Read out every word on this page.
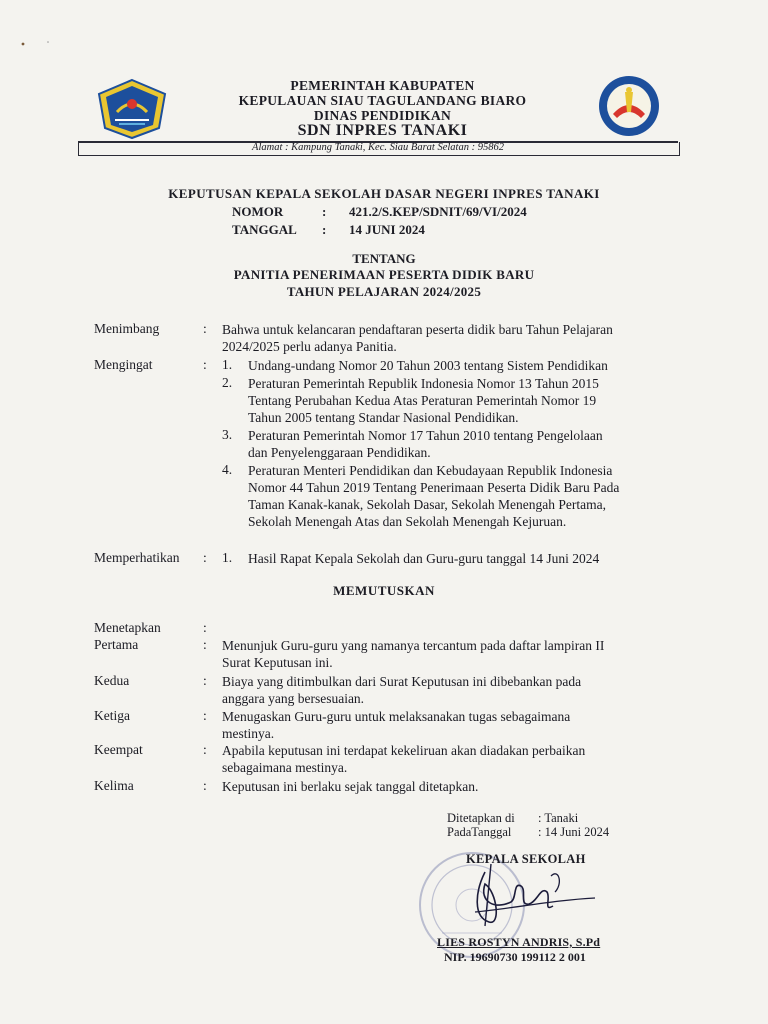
PEMERINTAH KABUPATEN
KEPULAUAN SIAU TAGULANDANG BIARO
DINAS PENDIDIKAN
SDN INPRES TANAKI
Alamat : Kampung Tanaki, Kec. Siau Barat Selatan : 95862
KEPUTUSAN KEPALA SEKOLAH DASAR NEGERI INPRES TANAKI
NOMOR	: 421.2/S.KEP/SDNIT/69/VI/2024
TANGGAL : 14 JUNI 2024
TENTANG
PANITIA PENERIMAAN PESERTA DIDIK BARU
TAHUN PELAJARAN 2024/2025
Menimbang	: Bahwa untuk kelancaran pendaftaran peserta didik baru Tahun Pelajaran
2024/2025 perlu adanya Panitia.
Mengingat	: 1. Undang-undang Nomor 20 Tahun 2003 tentang Sistem Pendidikan
2. Peraturan Pemerintah Republik Indonesia Nomor 13 Tahun 2015
Tentang Perubahan Kedua Atas Peraturan Pemerintah Nomor 19
Tahun 2005 tentang Standar Nasional Pendidikan.
3. Peraturan Pemerintah Nomor 17 Tahun 2010 tentang Pengelolaan
dan Penyelenggaraan Pendidikan.
4. Peraturan Menteri Pendidikan dan Kebudayaan Republik Indonesia
Nomor 44 Tahun 2019 Tentang Penerimaan Peserta Didik Baru Pada
Taman Kanak-kanak, Sekolah Dasar, Sekolah Menengah Pertama,
Sekolah Menengah Atas dan Sekolah Menengah Kejuruan.
Memperhatikan : 1. Hasil Rapat Kepala Sekolah dan Guru-guru tanggal 14 Juni 2024
MEMUTUSKAN
Menetapkan	:
Pertama	: Menunjuk Guru-guru yang namanya tercantum pada daftar lampiran II
Surat Keputusan ini.
Kedua	: Biaya yang ditimbulkan dari Surat Keputusan ini dibebankan pada
anggara yang bersesuaian.
Ketiga	: Menugaskan Guru-guru untuk melaksanakan tugas sebagaimana
mestinya.
Keempat	: Apabila keputusan ini terdapat kekeliruan akan diadakan perbaikan
sebagaimana mestinya.
Kelima	: Keputusan ini berlaku sejak tanggal ditetapkan.
Ditetapkan di : Tanaki
PadaTanggal : 14 Juni 2024
KEPALA SEKOLAH
LIES ROSTYN ANDRIS, S.Pd
NIP. 19690730 199112 2 001
